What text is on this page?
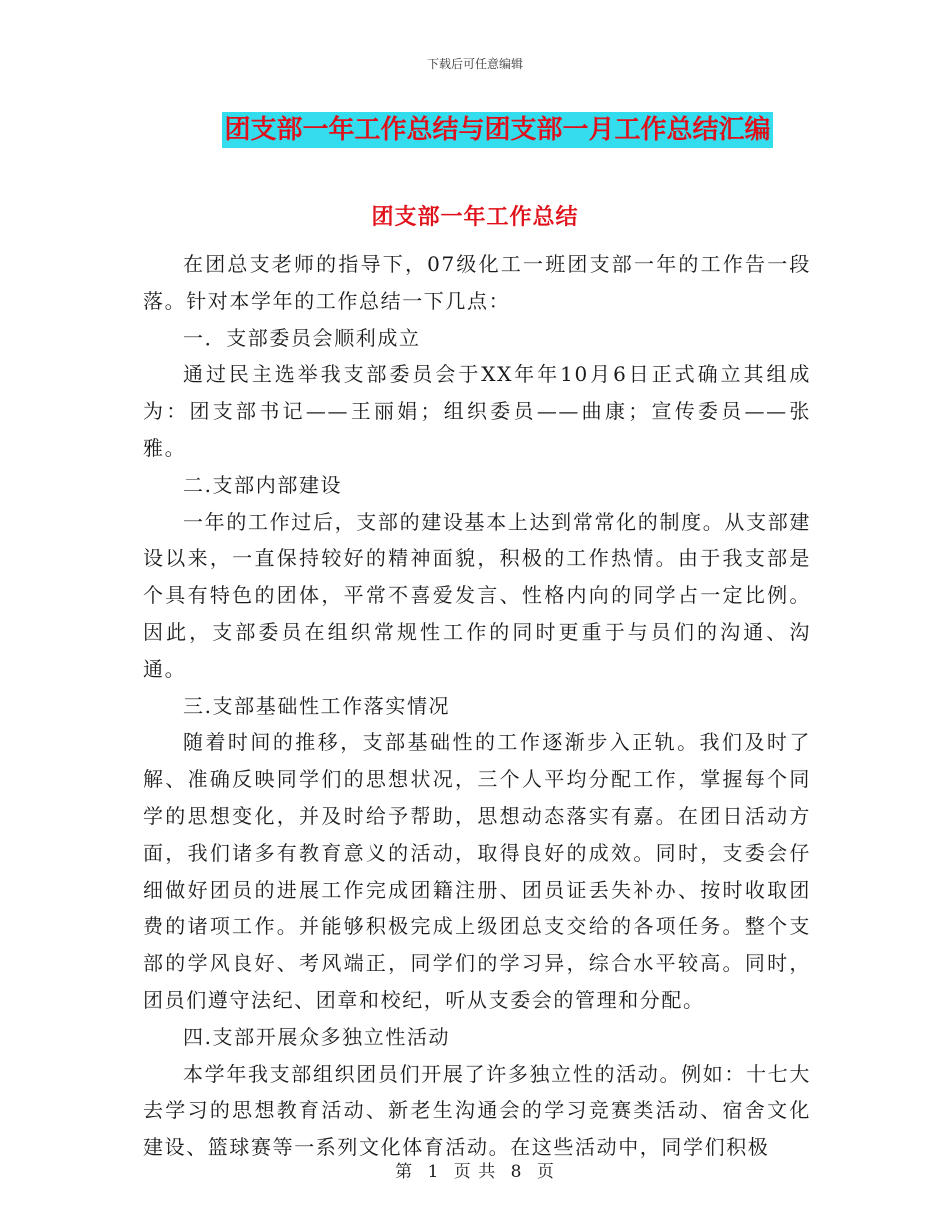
下载后可任意编辑
团支部一年工作总结与团支部一月工作总结汇编
团支部一年工作总结

在团总支老师的指导下，07级化工一班团支部一年的工作告一段落。针对本学年的工作总结一下几点：

一．支部委员会顺利成立

通过民主选举我支部委员会于XX年年10月6日正式确立其组成为：团支部书记——王丽娟；组织委员——曲康；宣传委员——张雅。

二.支部内部建设

一年的工作过后，支部的建设基本上达到常常化的制度。从支部建设以来，一直保持较好的精神面貌，积极的工作热情。由于我支部是个具有特色的团体，平常不喜爱发言、性格内向的同学占一定比例。因此，支部委员在组织常规性工作的同时更重于与员们的沟通、沟通。

三.支部基础性工作落实情况

随着时间的推移，支部基础性的工作逐渐步入正轨。我们及时了解、准确反映同学们的思想状况，三个人平均分配工作，掌握每个同学的思想变化，并及时给予帮助，思想动态落实有嘉。在团日活动方面，我们诸多有教育意义的活动，取得良好的成效。同时，支委会仔细做好团员的进展工作完成团籍注册、团员证丢失补办、按时收取团费的诸项工作。并能够积极完成上级团总支交给的各项任务。整个支部的学风良好、考风端正，同学们的学习异，综合水平较高。同时，团员们遵守法纪、团章和校纪，听从支委会的管理和分配。

四.支部开展众多独立性活动

本学年我支部组织团员们开展了许多独立性的活动。例如：十七大去学习的思想教育活动、新老生沟通会的学习竞赛类活动、宿舍文化建设、篮球赛等一系列文化体育活动。在这些活动中，同学们积极

第 1 页 共 8 页
